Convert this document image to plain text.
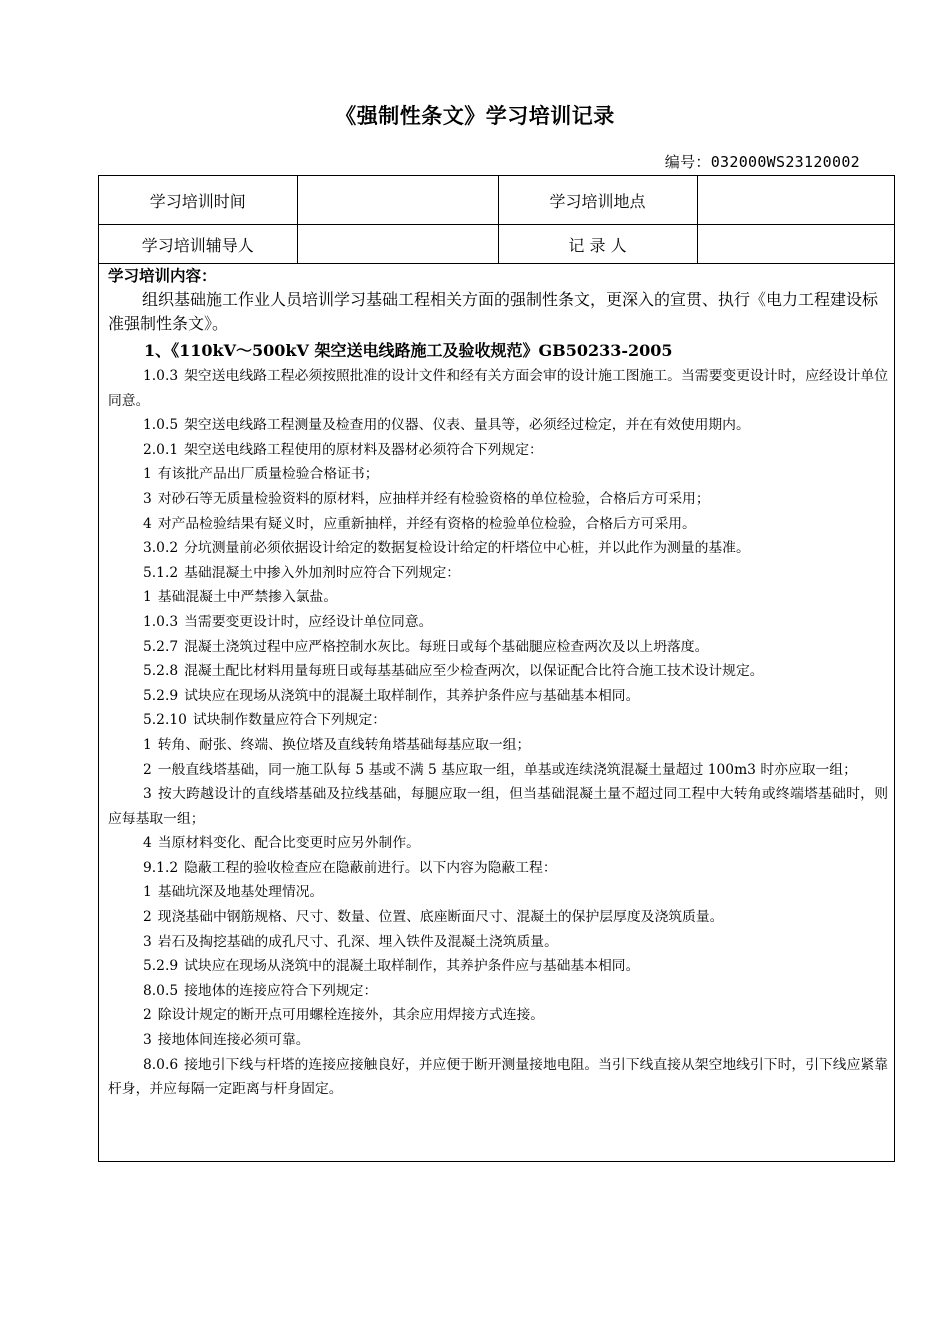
《强制性条文》学习培训记录
编号：032000WS23120002
学习培训时间		学习培训地点	
学习培训辅导人		记 录 人	
学习培训内容：

组织基础施工作业人员培训学习基础工程相关方面的强制性条文，更深入的宣贯、执行《电力工程建设标准强制性条文》。

1、《110kV～500kV 架空送电线路施工及验收规范》GB50233-2005

1.0.3 架空送电线路工程必须按照批准的设计文件和经有关方面会审的设计施工图施工。当需要变更设计时，应经设计单位同意。

1.0.5 架空送电线路工程测量及检查用的仪器、仪表、量具等，必须经过检定，并在有效使用期内。

2.0.1 架空送电线路工程使用的原材料及器材必须符合下列规定：

1 有该批产品出厂质量检验合格证书；

3 对砂石等无质量检验资料的原材料，应抽样并经有检验资格的单位检验，合格后方可采用；

4 对产品检验结果有疑义时，应重新抽样，并经有资格的检验单位检验，合格后方可采用。

3.0.2 分坑测量前必须依据设计给定的数据复检设计给定的杆塔位中心桩，并以此作为测量的基准。

5.1.2 基础混凝土中掺入外加剂时应符合下列规定：

1 基础混凝土中严禁掺入氯盐。

1.0.3 当需要变更设计时，应经设计单位同意。

5.2.7 混凝土浇筑过程中应严格控制水灰比。每班日或每个基础腿应检查两次及以上坍落度。

5.2.8 混凝土配比材料用量每班日或每基基础应至少检查两次，以保证配合比符合施工技术设计规定。

5.2.9 试块应在现场从浇筑中的混凝土取样制作，其养护条件应与基础基本相同。

5.2.10 试块制作数量应符合下列规定：

1 转角、耐张、终端、换位塔及直线转角塔基础每基应取一组；

2 一般直线塔基础，同一施工队每 5 基或不满 5 基应取一组，单基或连续浇筑混凝土量超过 100m3 时亦应取一组；

3 按大跨越设计的直线塔基础及拉线基础，每腿应取一组，但当基础混凝土量不超过同工程中大转角或终端塔基础时，则应每基取一组；

4 当原材料变化、配合比变更时应另外制作。

9.1.2 隐蔽工程的验收检查应在隐蔽前进行。以下内容为隐蔽工程：

1 基础坑深及地基处理情况。

2 现浇基础中钢筋规格、尺寸、数量、位置、底座断面尺寸、混凝土的保护层厚度及浇筑质量。

3 岩石及掏挖基础的成孔尺寸、孔深、埋入铁件及混凝土浇筑质量。

5.2.9 试块应在现场从浇筑中的混凝土取样制作，其养护条件应与基础基本相同。

8.0.5 接地体的连接应符合下列规定：

2 除设计规定的断开点可用螺栓连接外，其余应用焊接方式连接。

3 接地体间连接必须可靠。

8.0.6 接地引下线与杆塔的连接应接触良好，并应便于断开测量接地电阻。当引下线直接从架空地线引下时，引下线应紧靠杆身，并应每隔一定距离与杆身固定。
